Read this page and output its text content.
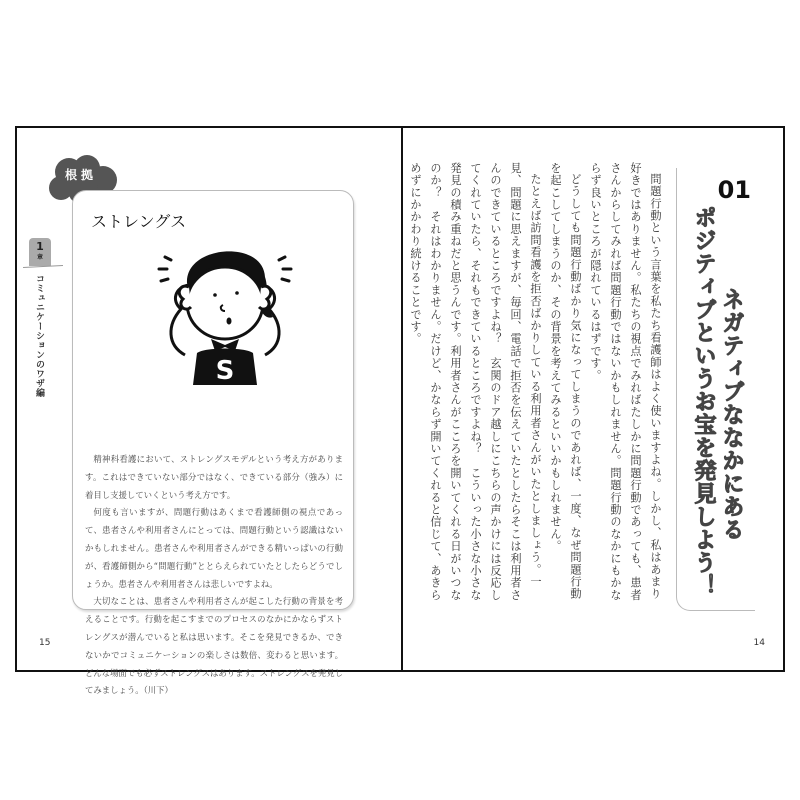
根拠
1
章
コミュニケーションのワザ編
ストレングス
S

精神科看護において、ストレングスモデルという考え方があります。これはできていない部分ではなく、できている部分（強み）に着目し支援していくという考え方です。

何度も言いますが、問題行動はあくまで看護師側の視点であって、患者さんや利用者さんにとっては、問題行動という認識はないかもしれません。患者さんや利用者さんができる精いっぱいの行動が、看護師側から“問題行動”ととらえられていたとしたらどうでしょうか。患者さんや利用者さんは悲しいですよね。

大切なことは、患者さんや利用者さんが起こした行動の背景を考えることです。行動を起こすまでのプロセスのなかにかならずストレングスが潜んでいると私は思います。そこを発見できるか、できないかでコミュニケーションの楽しさは数倍、変わると思います。どんな場面でも必ずストレングスはあります。ストレングスを発見してみましょう。（川下）

15
01
ネガティブななかにある
ポジティブというお宝を発見しよう！

問題行動という言葉を私たち看護師はよく使いますよね。しかし、私はあまり好きではありません。私たちの視点でみればたしかに問題行動であっても、患者さんからしてみれば問題行動ではないかもしれません。問題行動のなかにもかならず良いところが隠れているはずです。

どうしても問題行動ばかり気になってしまうのであれば、一度、なぜ問題行動を起こしてしまうのか、その背景を考えてみるといいかもしれません。

たとえば訪問看護を拒否ばかりしている利用者さんがいたとしましょう。一見、問題に思えますが、毎回、電話で拒否を伝えていたとしたらそこは利用者さんのできているところですよね？　玄関のドア越しにこちらの声かけには反応してくれていたら、それもできているところですよね？　こういった小さな小さな発見の積み重ねだと思うんです。利用者さんがこころを開いてくれる日がいつなのか？　それはわかりません。だけど、かならず開いてくれると信じて、あきらめずにかかわり続けることです。

14
